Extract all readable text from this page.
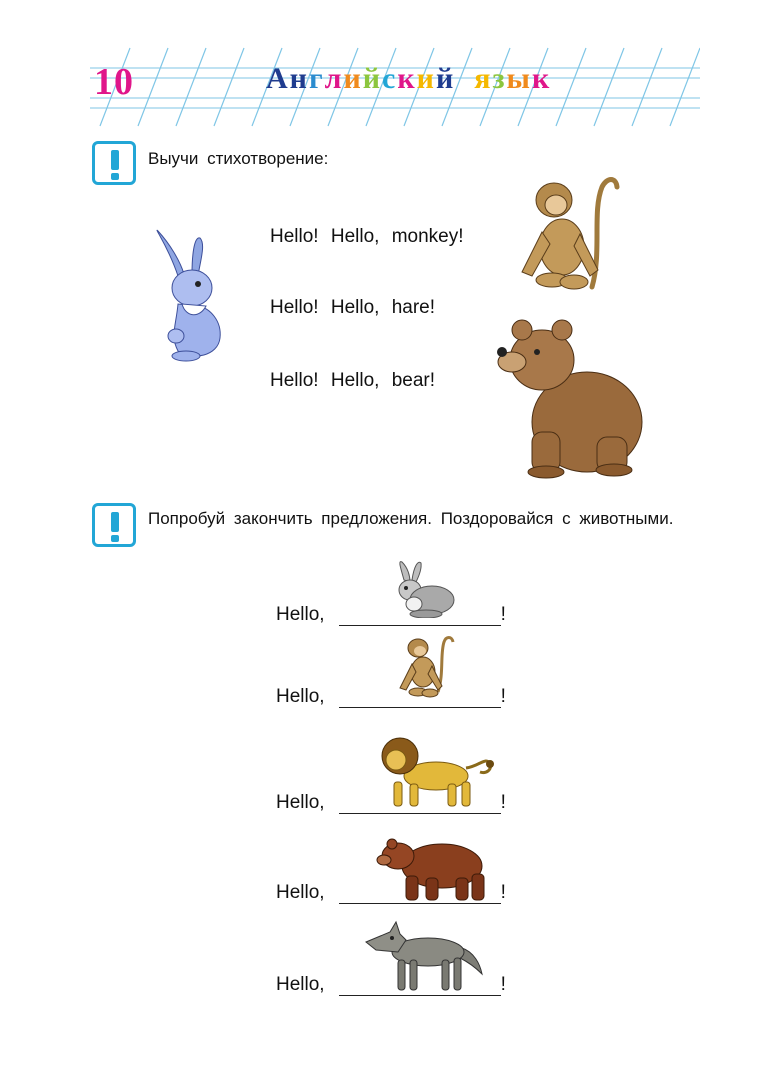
10	Английский язык
Выучи стихотворение:
Hello! Hello, monkey!
Hello! Hello, hare!
Hello! Hello, bear!
Попробуй закончить предложения. Поздоровайся с животными.
Hello,	!
Hello,	!
Hello,	!
Hello,	!
Hello,	!
